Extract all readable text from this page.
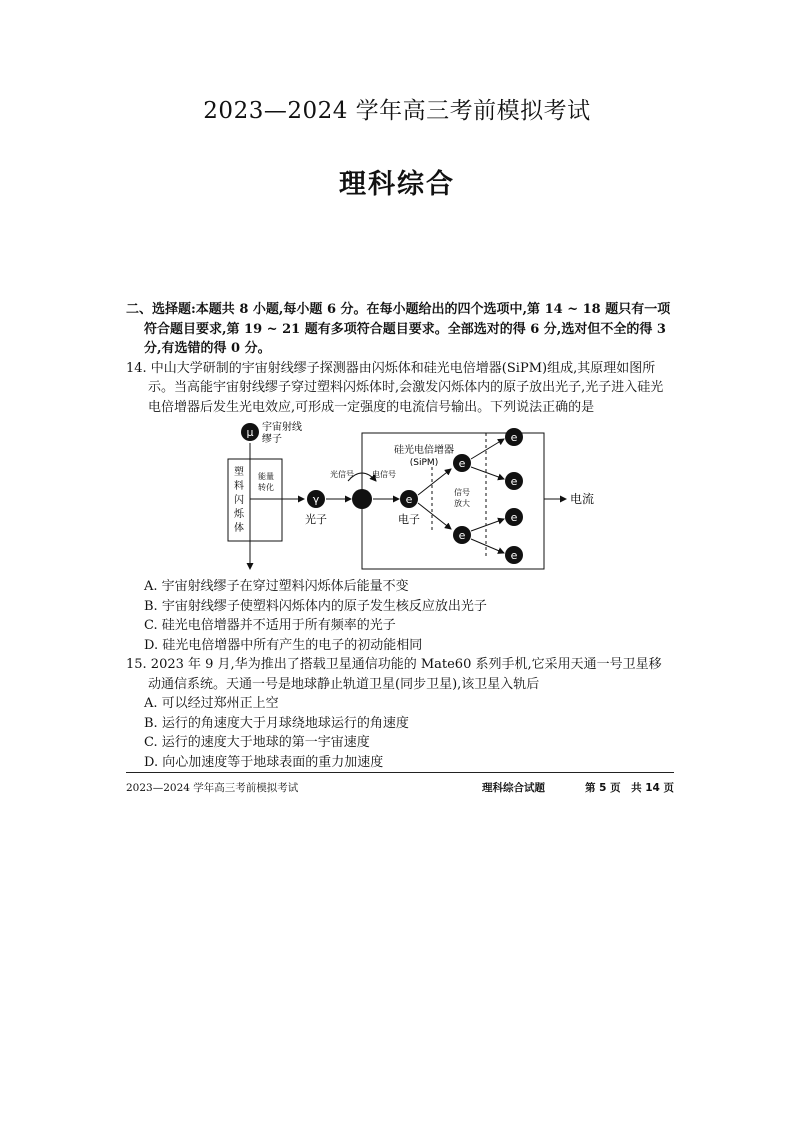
2023—2024 学年高三考前模拟考试
理科综合

二、选择题:本题共 8 小题,每小题 6 分。在每小题给出的四个选项中,第 14 ~ 18 题只有一项符合题目要求,第 19 ~ 21 题有多项符合题目要求。全部选对的得 6 分,选对但不全的得 3 分,有选错的得 0 分。

14. 中山大学研制的宇宙射线缪子探测器由闪烁体和硅光电倍增器(SiPM)组成,其原理如图所示。当高能宇宙射线缪子穿过塑料闪烁体时,会激发闪烁体内的原子放出光子,光子进入硅光电倍增器后发生光电效应,可形成一定强度的电流信号输出。下列说法正确的是

μ 宇宙射线
缪子
塑
料
闪
烁
体
能量
转化
γ
光子
光信号
硅光电倍增器
(SiPM)
电信号
e
电子
e
e
信号
放大
e
e
e
e
电流
A. 宇宙射线缪子在穿过塑料闪烁体后能量不变
B. 宇宙射线缪子使塑料闪烁体内的原子发生核反应放出光子
C. 硅光电倍增器并不适用于所有频率的光子
D. 硅光电倍增器中所有产生的电子的初动能相同

15. 2023 年 9 月,华为推出了搭载卫星通信功能的 Mate60 系列手机,它采用天通一号卫星移动通信系统。天通一号是地球静止轨道卫星(同步卫星),该卫星入轨后

A. 可以经过郑州正上空
B. 运行的角速度大于月球绕地球运行的角速度
C. 运行的速度大于地球的第一宇宙速度
D. 向心加速度等于地球表面的重力加速度
2023—2024 学年高三考前模拟考试	理科综合试题	第 5 页　共 14 页
